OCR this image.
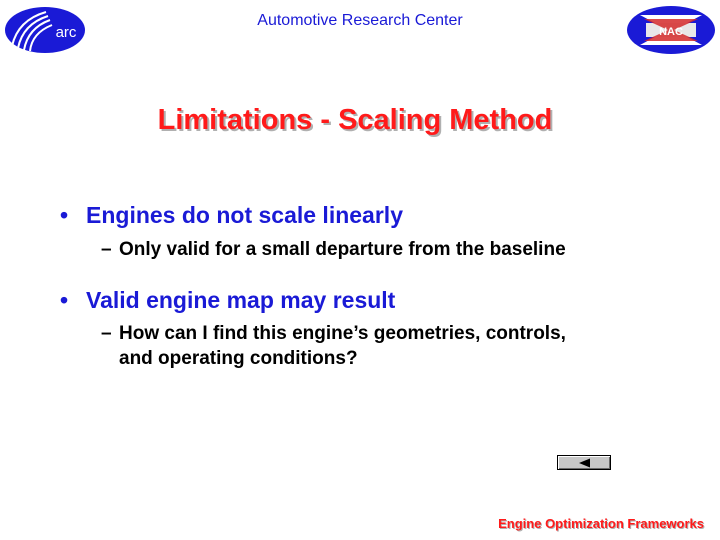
arc
Automotive Research Center
NAC
Limitations - Scaling Method
• Engines do not scale linearly
– Only valid for a small departure from the baseline
• Valid engine map may result
– How can I find this engine’s geometries, controls,
and operating conditions?
Engine Optimization Frameworks
